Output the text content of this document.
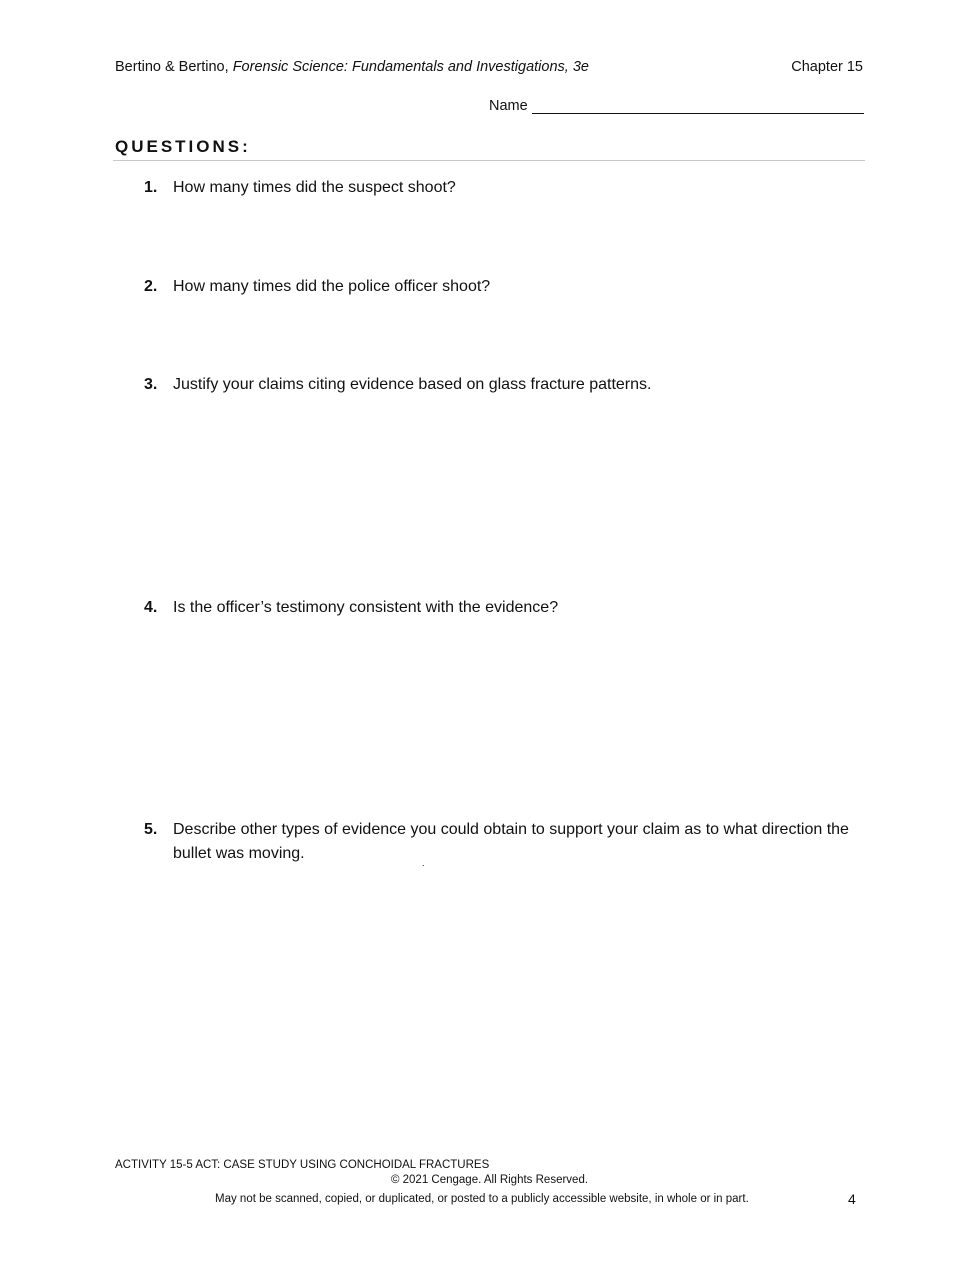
Bertino & Bertino, Forensic Science: Fundamentals and Investigations, 3e	Chapter 15
Name
QUESTIONS:
1. How many times did the suspect shoot?
2. How many times did the police officer shoot?
3. Justify your claims citing evidence based on glass fracture patterns.
4. Is the officer’s testimony consistent with the evidence?
5. Describe other types of evidence you could obtain to support your claim as to what direction the bullet was moving.
.
ACTIVITY 15-5 ACT: CASE STUDY USING CONCHOIDAL FRACTURES
© 2021 Cengage. All Rights Reserved.
May not be scanned, copied, or duplicated, or posted to a publicly accessible website, in whole or in part.	4
